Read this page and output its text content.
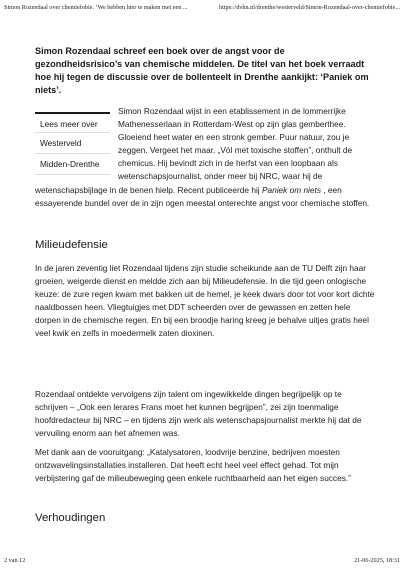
Simon Rozendaal over chemiefobie. ‘We hebben hier te maken met een ...	https://dvhn.nl/drenthe/westerveld/Simon-Rozendaal-over-chemiefobie...
Simon Rozendaal schreef een boek over de angst voor de gezondheidsrisico’s van chemische middelen. De titel van het boek verraadt hoe hij tegen de discussie over de bollenteelt in Drenthe aankijkt: ‘Paniek om niets’.
Lees meer over
Westerveld
Midden-Drenthe
Simon Rozendaal wijst in een etablissement in de lommerrijke Mathenesserlaan in Rotterdam-West op zijn glas gemberthee. Gloeiend heet water en een stronk gember. Puur natuur, zou je zeggen. Vergeet het maar. „Vól met toxische stoffen”, onthult de chemicus. Hij bevindt zich in de herfst van een loopbaan als wetenschapsjournalist, onder meer bij NRC, waar hij de wetenschapsbijlage in de benen hielp. Recent publiceerde hij Paniek om niets , een essayerende bundel over de in zijn ogen meestal onterechte angst voor chemische stoffen.
Milieudefensie
In de jaren zeventig liet Rozendaal tijdens zijn studie scheikunde aan de TU Delft zijn haar groeien, weigerde dienst en meldde zich aan bij Milieudefensie. In die tijd geen onlogische keuze: de zure regen kwam met bakken uit de hemel, je keek dwars door tot voor kort dichte naaldbossen heen. Vliegtuigjes met DDT scheerden over de gewassen en zetten hele dorpen in de chemische regen. En bij een broodje haring kreeg je behalve uitjes gratis heel veel kwik en zelfs in moedermelk zaten dioxinen.
Rozendaal ontdekte vervolgens zijn talent om ingewikkelde dingen begrijpelijk op te schrijven – „Ook een lerares Frans moet het kunnen begrijpen”, zei zijn toenmalige hoofdredacteur bij NRC – en tijdens zijn werk als wetenschapsjournalist merkte hij dat de vervuiling enorm aan het afnemen was.
Met dank aan de vooruitgang: „Katalysatoren, loodvrije benzine, bedrijven moesten ontzwavelingsinstallaties installeren. Dat heeft echt heel veel effect gehad. Tot mijn verbijstering gaf de milieubeweging geen enkele ruchtbaarheid aan het eigen succes.”
Verhoudingen
2 van 12	21-06-2025, 18:31
